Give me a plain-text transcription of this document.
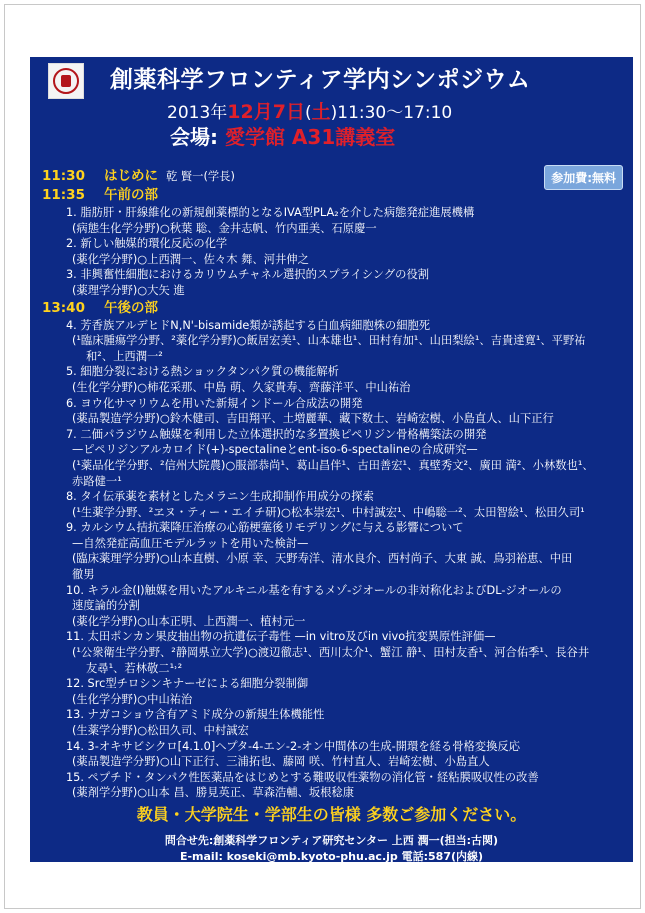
創薬科学フロンティア学内シンポジウム
2013年12月7日(土)11:30〜17:10
会場: 愛学館 A31講義室
参加費:無料
11:30 はじめに 乾 賢一(学長)
11:35 午前の部
1. 脂肪肝・肝線維化の新規創薬標的となるIVA型PLA₂を介した病態発症進展機構
(病態生化学分野)○秋葉 聡、金井志帆、竹内亜美、石原慶一
2. 新しい触媒的環化反応の化学
(薬化学分野)○上西潤一、佐々木 舞、河井伸之
3. 非興奮性細胞におけるカリウムチャネル選択的スプライシングの役割
(薬理学分野)○大矢 進
13:40 午後の部
4. 芳香族アルデヒドN,N'-bisamide類が誘起する白血病細胞株の細胞死
(¹臨床腫瘍学分野、²薬化学分野)○飯居宏美¹、山本雄也¹、田村有加¹、山田梨絵¹、吉貴達寛¹、平野祐
和²、上西潤一²
5. 細胞分裂における熱ショックタンパク質の機能解析
(生化学分野)○柿花采那、中島 萌、久家貴寿、齊藤洋平、中山祐治
6. ヨウ化サマリウムを用いた新規インドール合成法の開発
(薬品製造学分野)○鈴木健司、吉田翔平、土増麗華、藏下数士、岩崎宏樹、小島直人、山下正行
7. 二価パラジウム触媒を利用した立体選択的な多置換ピペリジン骨格構築法の開発
—ピペリジンアルカロイド(+)-spectalineとent-iso-6-spectalineの合成研究—
(¹薬品化学分野、²信州大院農)○服部恭尚¹、葛山昌伴¹、古田善宏¹、真壁秀文²、廣田 満²、小林数也¹、
赤路健一¹
8. タイ伝承薬を素材としたメラニン生成抑制作用成分の探索
(¹生薬学分野、²ヱヌ・ティー・エイチ研)○松本崇宏¹、中村誠宏¹、中嶋聡一²、太田智絵¹、松田久司¹
9. カルシウム拮抗薬降圧治療の心筋梗塞後リモデリングに与える影響について
—自然発症高血圧モデルラットを用いた検討—
(臨床薬理学分野)○山本直樹、小原 幸、天野寿洋、清水良介、西村尚子、大東 誠、鳥羽裕恵、中田
徹男
10. キラル金(I)触媒を用いたアルキニル基を有するメゾ-ジオールの非対称化およびDL-ジオールの
速度論的分割
(薬化学分野)○山本正明、上西潤一、植村元一
11. 太田ポンカン果皮抽出物の抗遺伝子毒性 —in vitro及びin vivo抗変異原性評価—
(¹公衆衛生学分野、²静岡県立大学)○渡辺徹志¹、西川太介¹、蟹江 静¹、田村友香¹、河合佑季¹、長谷井
友尋¹、若林敬二¹˒²
12. Src型チロシンキナーゼによる細胞分裂制御
(生化学分野)○中山祐治
13. ナガコショウ含有アミド成分の新規生体機能性
(生薬学分野)○松田久司、中村誠宏
14. 3-オキサビシクロ[4.1.0]ヘプタ-4-エン-2-オン中間体の生成-開環を経る骨格変換反応
(薬品製造学分野)○山下正行、三浦拓也、藤岡 咲、竹村直人、岩崎宏樹、小島直人
15. ペプチド・タンパク性医薬品をはじめとする難吸収性薬物の消化管・経粘膜吸収性の改善
(薬剤学分野)○山本 昌、勝見英正、草森浩輔、坂根稔康
教員・大学院生・学部生の皆様 多数ご参加ください。
問合せ先:創薬科学フロンティア研究センター 上西 潤一(担当:古関)
E-mail: koseki@mb.kyoto-phu.ac.jp 電話:587(内線)
